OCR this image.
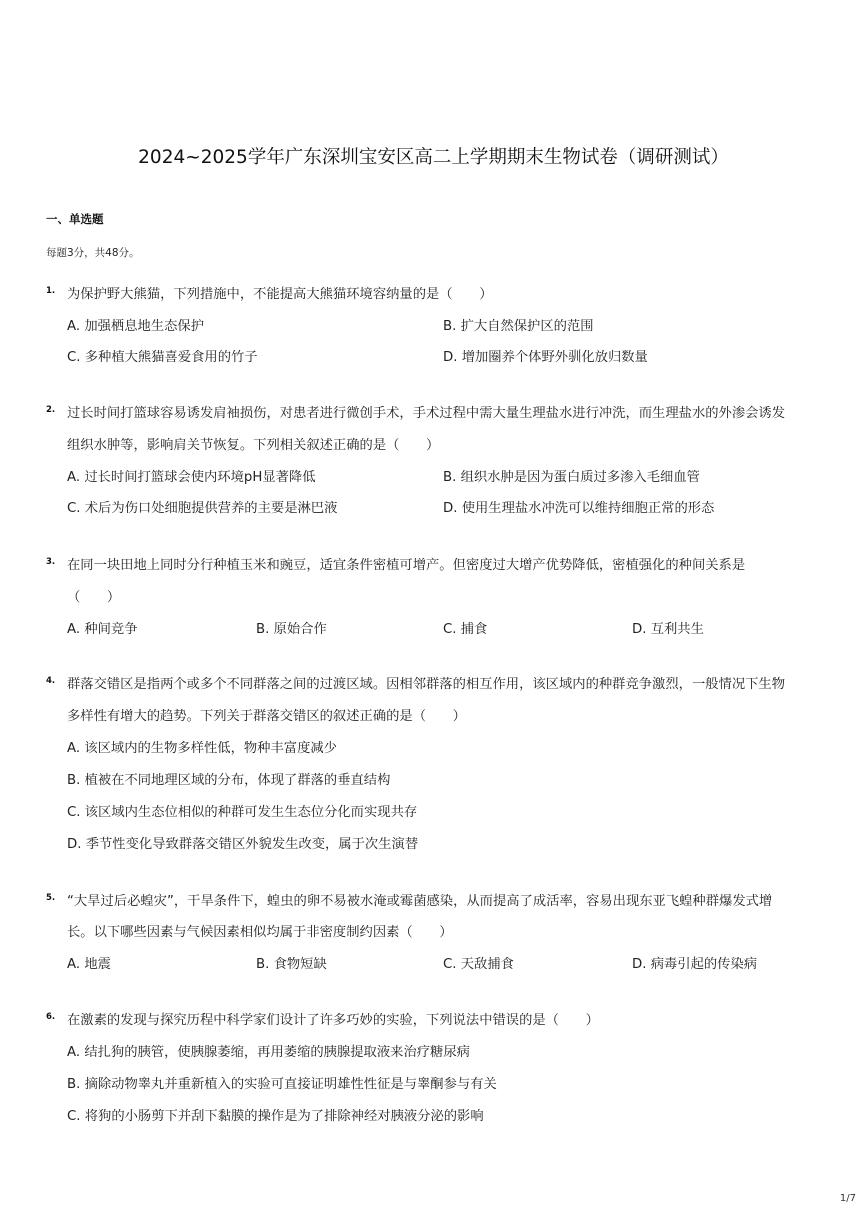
2024~2025学年广东深圳宝安区高二上学期期末生物试卷（调研测试）
一、单选题
每题3分，共48分。
1. 为保护野大熊猫，下列措施中，不能提高大熊猫环境容纳量的是（　　）
A. 加强栖息地生态保护	B. 扩大自然保护区的范围
C. 多种植大熊猫喜爱食用的竹子	D. 增加圈养个体野外驯化放归数量
2. 过长时间打篮球容易诱发肩袖损伤，对患者进行微创手术，手术过程中需大量生理盐水进行冲洗，而生理盐水的外渗会诱发
组织水肿等，影响肩关节恢复。下列相关叙述正确的是（　　）
A. 过长时间打篮球会使内环境pH显著降低	B. 组织水肿是因为蛋白质过多渗入毛细血管
C. 术后为伤口处细胞提供营养的主要是淋巴液	D. 使用生理盐水冲洗可以维持细胞正常的形态
3. 在同一块田地上同时分行种植玉米和豌豆，适宜条件密植可增产。但密度过大增产优势降低，密植强化的种间关系是
（　　）
A. 种间竞争	B. 原始合作	C. 捕食	D. 互利共生
4. 群落交错区是指两个或多个不同群落之间的过渡区域。因相邻群落的相互作用，该区域内的种群竞争激烈，一般情况下生物
多样性有增大的趋势。下列关于群落交错区的叙述正确的是（　　）
A. 该区域内的生物多样性低，物种丰富度减少
B. 植被在不同地理区域的分布，体现了群落的垂直结构
C. 该区域内生态位相似的种群可发生生态位分化而实现共存
D. 季节性变化导致群落交错区外貌发生改变，属于次生演替
5. “大旱过后必蝗灾”，干旱条件下，蝗虫的卵不易被水淹或霉菌感染，从而提高了成活率，容易出现东亚飞蝗种群爆发式增
长。以下哪些因素与气候因素相似均属于非密度制约因素（　　）
A. 地震	B. 食物短缺	C. 天敌捕食	D. 病毒引起的传染病
6. 在激素的发现与探究历程中科学家们设计了许多巧妙的实验，下列说法中错误的是（　　）
A. 结扎狗的胰管，使胰腺萎缩，再用萎缩的胰腺提取液来治疗糖尿病
B. 摘除动物睾丸并重新植入的实验可直接证明雄性性征是与睾酮参与有关
C. 将狗的小肠剪下并刮下黏膜的操作是为了排除神经对胰液分泌的影响
1/7
